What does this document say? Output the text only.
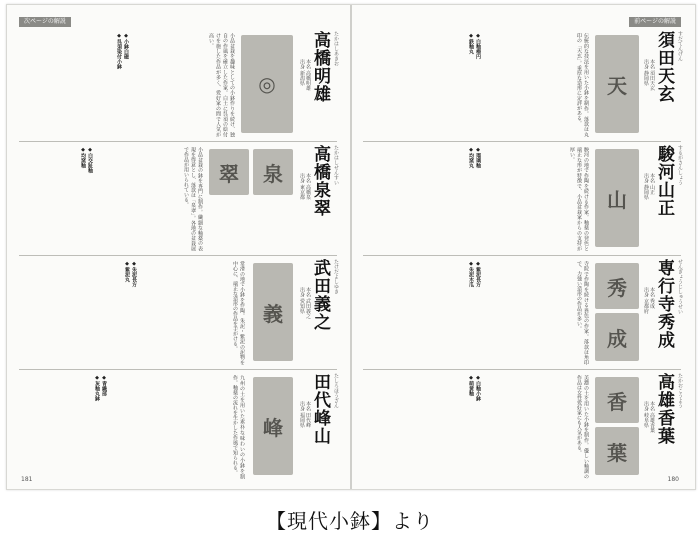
次ページの解説
高橋明雄 たかはしあきお
本名 高橋明雄
出身 新潟県
◎
小品盆栽を趣味としての小鉢作りを続け、独自の作風を確立した作家。白土に呉須の絵付けを施した作品が多く、愛好家の間で人気が高い。
◆小鉢白磁
◆呉須染付小鉢
高橋泉翠 たかはしせんすい
本名 高橋泉
出身 東京都
泉
翠
小品盆栽の鉢を専門に制作。繊細な釉薬の表現を得意とし、落款は「泉翠」。各地の盆栽展で作品が用いられている。
◆白交趾釉
◆均窯釉
武田義之 たけだよしゆき
本名 武田義之
出身 愛知県
義
常滑の地で小鉢を作陶。朱泥・紫泥の泥物を中心に、端正な造形の作品を手がける。
◆朱泥長方
◆紫泥丸
田代峰山 たしろほうざん
本名 田代峰
出身 福岡県
峰
九州の土を用いた素朴な味わいの小鉢を制作。釉薬の流れを生かした作風で知られる。
◆青織部
◆灰釉丸鉢
181
前ページの解説
須田天玄 すだてんげん
本名 須田天玄
出身 静岡県
天
伝統的な技法を用いた小鉢を制作。落款は丸印の「天玄」。重厚な造形に定評がある。
◆白釉楕円
◆鉄釉丸
駿河山正 するがさんしょう
本名 山正
出身 静岡県
山
駿河の地で作陶を続ける作家。釉薬の発色と端正な形が特徴で、小品盆栽家からの支持が厚い。
◆瑠璃釉
◆均窯丸
専行寺秀成 せんぎょうじしゅうせい
本名 秀成
出身 京都府
秀
成
寺院で作陶を続ける異色の作家。落款は角印で、力強い造形の作品が多い。
◆紫泥長方
◆朱泥木瓜
高雄香葉 たかおこうよう
本名 高雄香葉
出身 岐阜県
香
葉
美濃の土を用いた小鉢を制作。優しい釉調の作品は女性愛好家にも人気がある。
◆白釉小鉢
◆萌黄釉
180
【現代小鉢】より
